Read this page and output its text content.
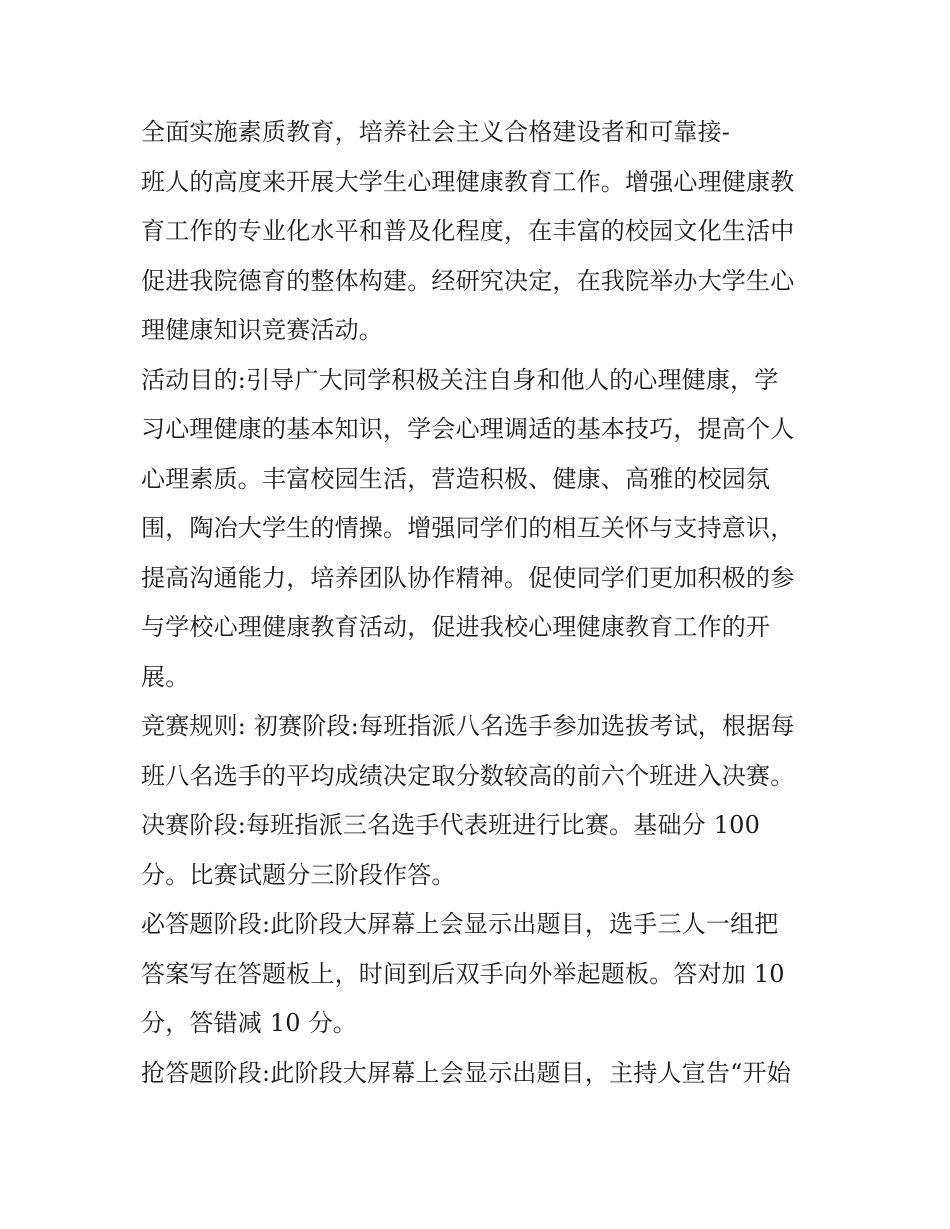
全面实施素质教育，培养社会主义合格建设者和可靠接-
班人的高度来开展大学生心理健康教育工作。增强心理健康教
育工作的专业化水平和普及化程度，在丰富的校园文化生活中
促进我院德育的整体构建。经研究决定，在我院举办大学生心
理健康知识竞赛活动。
活动目的:引导广大同学积极关注自身和他人的心理健康，学
习心理健康的基本知识，学会心理调适的基本技巧，提高个人
心理素质。丰富校园生活，营造积极、健康、高雅的校园氛
围，陶冶大学生的情操。增强同学们的相互关怀与支持意识，
提高沟通能力，培养团队协作精神。促使同学们更加积极的参
与学校心理健康教育活动，促进我校心理健康教育工作的开
展。
竞赛规则: 初赛阶段:每班指派八名选手参加选拔考试，根据每
班八名选手的平均成绩决定取分数较高的前六个班进入决赛。
决赛阶段:每班指派三名选手代表班进行比赛。基础分 100
分。比赛试题分三阶段作答。
必答题阶段:此阶段大屏幕上会显示出题目，选手三人一组把
答案写在答题板上，时间到后双手向外举起题板。答对加 10
分，答错减 10 分。
抢答题阶段:此阶段大屏幕上会显示出题目，主持人宣告“开始
